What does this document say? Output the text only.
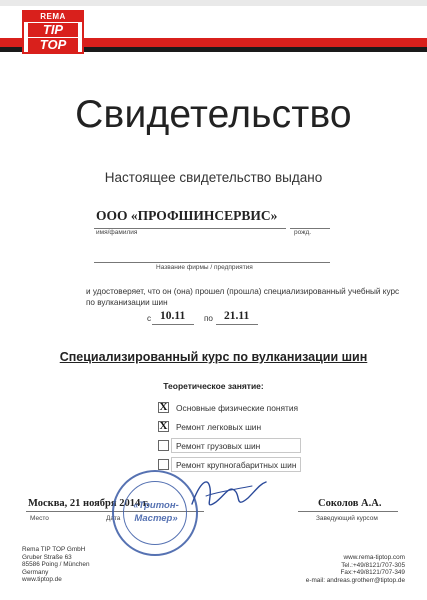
REMA
TIP
TOP
Свидетельство
Настоящее свидетельство выдано
ООО «ПРОФШИНСЕРВИС»
имя/фамилия	рожд.
Название фирмы / предприятия
и удостоверяет, что он (она) прошел (прошла) специализированный учебный курс
по вулканизации шин
с 10.11 по 21.11
Специализированный курс по вулканизации шин
Теоретическое занятие:
X Основные физические понятия
X Ремонт легковых шин
Ремонт грузовых шин
Ремонт крупногабаритных шин
Москва, 21 ноября 2014 г.
Место	Дата
Соколов А.А.
Заведующий курсом
«Тритон-
Мастер»
Rema TIP TOP GmbH
Gruber Straße 63
85586 Poing / München
Germany
www.tiptop.de
www.rema-tiptop.com
Tel.:+49/8121/707-305
Fax:+49/8121/707-349
e-mail: andreas.grotherr@tiptop.de
